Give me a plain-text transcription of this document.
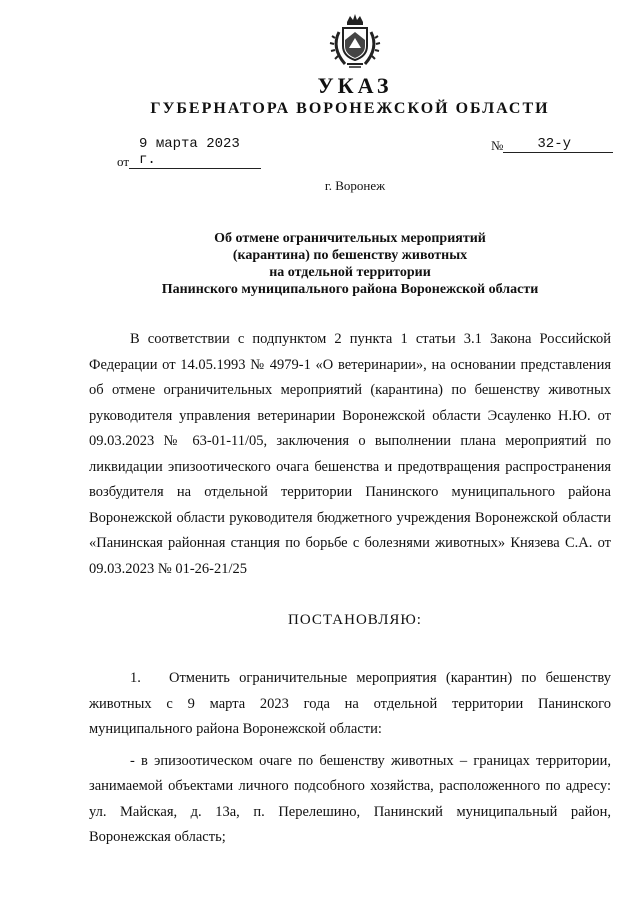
УКАЗ
ГУБЕРНАТОРА ВОРОНЕЖСКОЙ ОБЛАСТИ
от9 марта 2023 г.
№ 32-у
г. Воронеж
Об отмене ограничительных мероприятий
(карантина) по бешенству животных
на отдельной территории
Панинского муниципального района Воронежской области

В соответствии с подпунктом 2 пункта 1 статьи 3.1 Закона Российской Федерации от 14.05.1993 № 4979-1 «О ветеринарии», на основании представления об отмене ограничительных мероприятий (карантина) по бешенству животных руководителя управления ветеринарии Воронежской области Эсауленко Н.Ю. от 09.03.2023 № 63-01-11/05, заключения о выполнении плана мероприятий по ликвидации эпизоотического очага бешенства и предотвращения распространения возбудителя на отдельной территории Панинского муниципального района Воронежской области руководителя бюджетного учреждения Воронежской области «Панинская районная станция по борьбе с болезнями животных» Князева С.А. от 09.03.2023 № 01-26-21/25

ПОСТАНОВЛЯЮ:

1. Отменить ограничительные мероприятия (карантин) по бешенству животных с 9 марта 2023 года на отдельной территории Панинского муниципального района Воронежской области:

- в эпизоотическом очаге по бешенству животных – границах территории, занимаемой объектами личного подсобного хозяйства, расположенного по адресу: ул. Майская, д. 13а, п. Перелешино, Панинский муниципальный район, Воронежская область;
